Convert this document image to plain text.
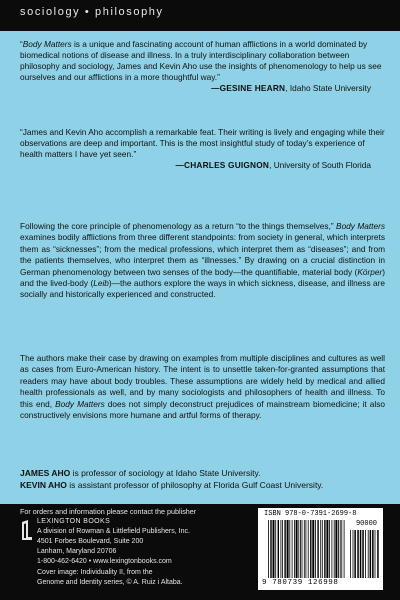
sociology • philosophy
“Body Matters is a unique and fascinating account of human afflictions in a world dominated by biomedical notions of disease and illness. In a truly interdisciplinary collaboration between philosophy and sociology, James and Kevin Aho use the insights of phenomenology to help us see ourselves and our afflictions in a more thoughtful way.”
—GESINE HEARN, Idaho State University
“James and Kevin Aho accomplish a remarkable feat. Their writing is lively and engaging while their observations are deep and important. This is the most insightful study of today’s experience of health matters I have yet seen.”
—CHARLES GUIGNON, University of South Florida
Following the core principle of phenomenology as a return “to the things themselves,” Body Matters examines bodily afflictions from three different standpoints: from society in general, which interprets them as “sicknesses”; from the medical professions, which interpret them as “diseases”; and from the patients themselves, who interpret them as “illnesses.” By drawing on a crucial distinction in German phenomenology between two senses of the body—the quantifiable, material body (Körper) and the lived-body (Leib)—the authors explore the ways in which sickness, disease, and illness are socially and historically experienced and constructed.
The authors make their case by drawing on examples from multiple disciplines and cultures as well as cases from Euro-American history. The intent is to unsettle taken-for-granted assumptions that readers may have about body troubles. These assumptions are widely held by medical and allied health professionals as well, and by many sociologists and philosophers of health and illness. To this end, Body Matters does not simply deconstruct prejudices of mainstream biomedicine; it also constructively envisions more humane and artful forms of therapy.
JAMES AHO is professor of sociology at Idaho State University.
KEVIN AHO is assistant professor of philosophy at Florida Gulf Coast University.
For orders and information please contact the publisher
LEXINGTON BOOKS
A division of Rowman & Littlefield Publishers, Inc.
4501 Forbes Boulevard, Suite 200
Lanham, Maryland 20706
1-800-462-6420 • www.lexingtonbooks.com
Cover image: Individuality II, from the
Genome and Identity series, © A. Ruiz i Altaba.
ISBN 978-0-7391-2699-8
90000
9 780739 126998
